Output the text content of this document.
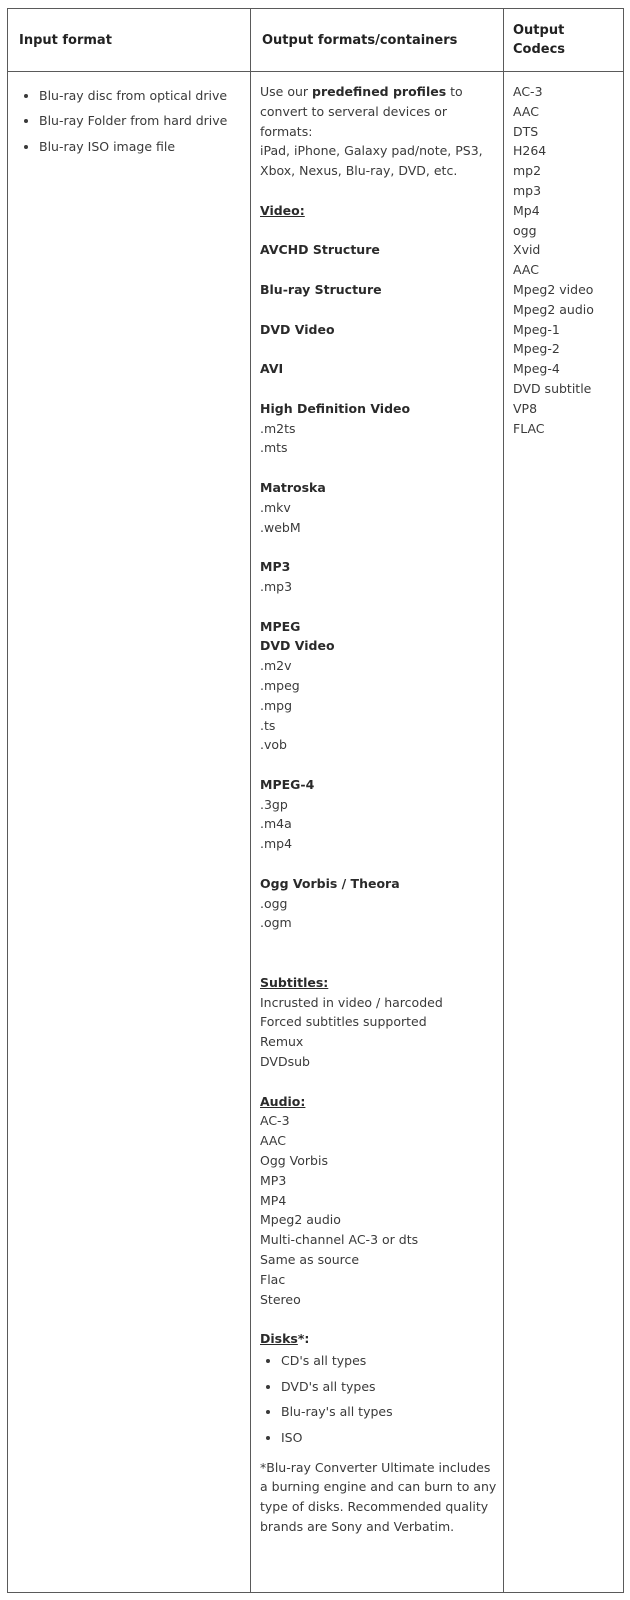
Input format	Output formats/containers
Output
Codecs
• Blu-ray disc from optical drive
• Blu-ray Folder from hard drive
• Blu-ray ISO image file
Use our predefined profiles to convert to serveral devices or formats:
iPad, iPhone, Galaxy pad/note, PS3, Xbox, Nexus, Blu-ray, DVD, etc.
Video:
AVCHD Structure
Blu-ray Structure
DVD Video
AVI
High Definition Video
.m2ts
.mts
Matroska
.mkv
.webM
MP3
.mp3
MPEG
DVD Video
.m2v
.mpeg
.mpg
.ts
.vob
MPEG-4
.3gp
.m4a
.mp4
Ogg Vorbis / Theora
.ogg
.ogm
Subtitles:
Incrusted in video / harcoded
Forced subtitles supported
Remux
DVDsub
Audio:
AC-3
AAC
Ogg Vorbis
MP3
MP4
Mpeg2 audio
Multi-channel AC-3 or dts
Same as source
Flac
Stereo
Disks*:
• CD's all types
• DVD's all types
• Blu-ray's all types
• ISO
*Blu-ray Converter Ultimate includes a burning engine and can burn to any type of disks. Recommended quality brands are Sony and Verbatim.
AC-3
AAC
DTS
H264
mp2
mp3
Mp4
ogg
Xvid
AAC
Mpeg2 video
Mpeg2 audio
Mpeg-1
Mpeg-2
Mpeg-4
DVD subtitle
VP8
FLAC
